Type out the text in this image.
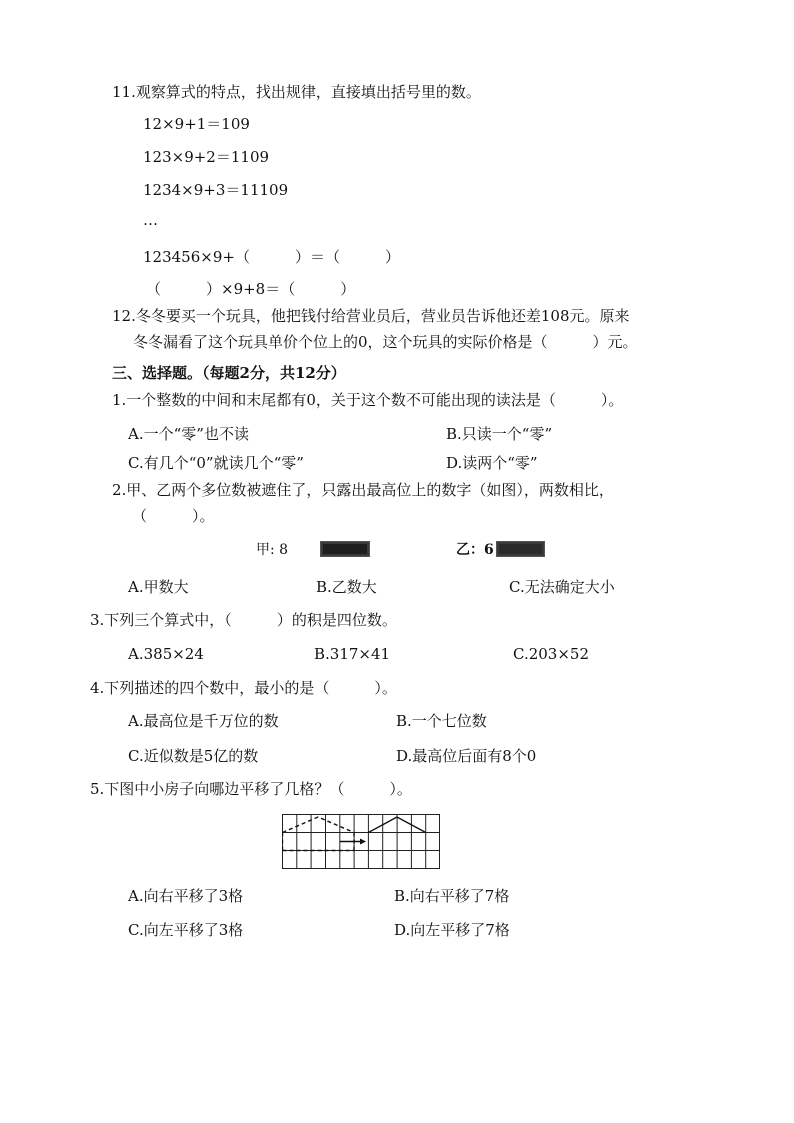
11.观察算式的特点，找出规律，直接填出括号里的数。
12×9+1＝109
123×9+2＝1109
1234×9+3＝11109
…
123456×9+（　　　）＝（　　　）
（　　　）×9+8＝（　　　）
12.冬冬要买一个玩具，他把钱付给营业员后，营业员告诉他还差108元。原来
冬冬漏看了这个玩具单价个位上的0，这个玩具的实际价格是（　　　）元。
三、选择题。（每题2分，共12分）
1.一个整数的中间和末尾都有0，关于这个数不可能出现的读法是（　　　）。
A.一个“零”也不读	B.只读一个“零”
C.有几个“0”就读几个“零”	D.读两个“零”
2.甲、乙两个多位数被遮住了，只露出最高位上的数字（如图），两数相比，
（　　　）。
甲: 8	乙：6
A.甲数大	B.乙数大	C.无法确定大小
3.下列三个算式中，（　　　）的积是四位数。
A.385×24	B.317×41	C.203×52
4.下列描述的四个数中，最小的是（　　　）。
A.最高位是千万位的数	B.一个七位数
C.近似数是5亿的数	D.最高位后面有8个0
5.下图中小房子向哪边平移了几格？（　　　）。
A.向右平移了3格	B.向右平移了7格
C.向左平移了3格	D.向左平移了7格
